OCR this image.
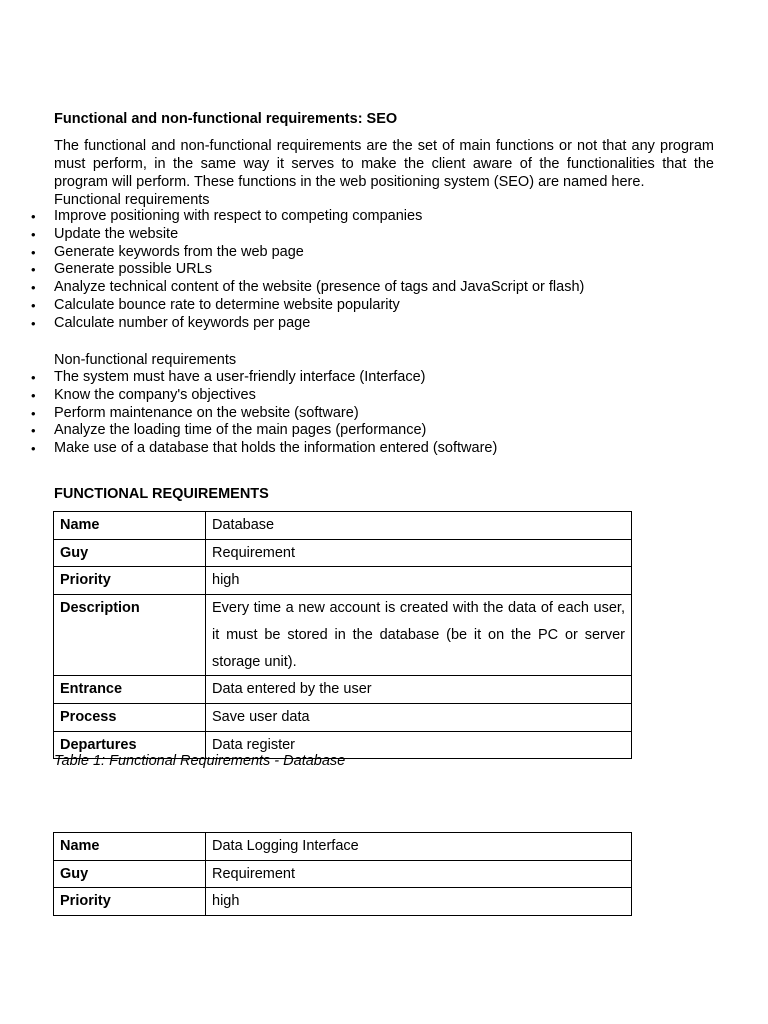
Functional and non-functional requirements: SEO
The functional and non-functional requirements are the set of main functions or not that any program must perform, in the same way it serves to make the client aware of the functionalities that the program will perform. These functions in the web positioning system (SEO) are named here.
Functional requirements
• Improve positioning with respect to competing companies
• Update the website
• Generate keywords from the web page
• Generate possible URLs
• Analyze technical content of the website (presence of tags and JavaScript or flash)
• Calculate bounce rate to determine website popularity
• Calculate number of keywords per page
Non-functional requirements
• The system must have a user-friendly interface (Interface)
• Know the company's objectives
• Perform maintenance on the website (software)
• Analyze the loading time of the main pages (performance)
• Make use of a database that holds the information entered (software)
FUNCTIONAL REQUIREMENTS
Name	Database
Guy	Requirement
Priority	high
Description	Every time a new account is created with the data of each user, it must be stored in the database (be it on the PC or server storage unit).
Entrance	Data entered by the user
Process	Save user data
Departures	Data register
Table 1: Functional Requirements - Database
Name	Data Logging Interface
Guy	Requirement
Priority	high
